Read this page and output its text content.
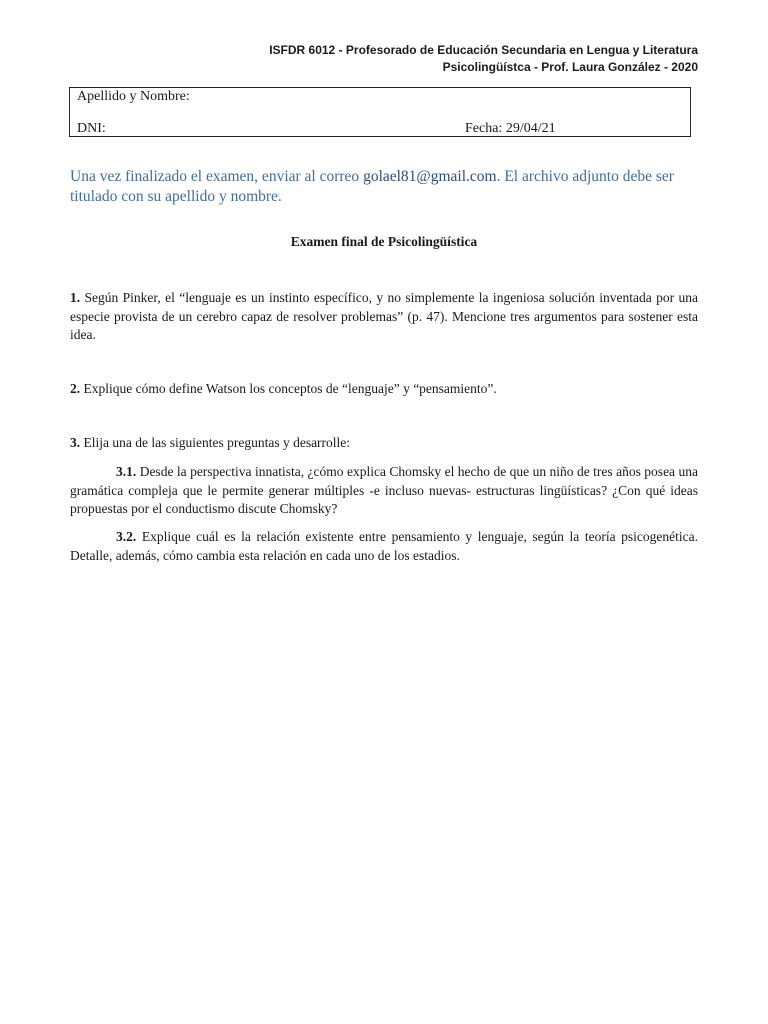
ISFDR 6012 - Profesorado de Educación Secundaria en Lengua y Literatura
Psicolingüístca - Prof. Laura González - 2020
Apellido y Nombre:
DNI:	Fecha: 29/04/21
Una vez finalizado el examen, enviar al correo golael81@gmail.com. El archivo adjunto debe ser titulado con su apellido y nombre.
Examen final de Psicolingüística
1. Según Pinker, el “lenguaje es un instinto específico, y no simplemente la ingeniosa solución inventada por una especie provista de un cerebro capaz de resolver problemas” (p. 47). Mencione tres argumentos para sostener esta idea.
2. Explique cómo define Watson los conceptos de “lenguaje” y “pensamiento”.
3. Elija una de las siguientes preguntas y desarrolle:
3.1. Desde la perspectiva innatista, ¿cómo explica Chomsky el hecho de que un niño de tres años posea una gramática compleja que le permite generar múltiples -e incluso nuevas- estructuras lingüísticas? ¿Con qué ideas propuestas por el conductismo discute Chomsky?
3.2. Explique cuál es la relación existente entre pensamiento y lenguaje, según la teoría psicogenética. Detalle, además, cómo cambia esta relación en cada uno de los estadios.
